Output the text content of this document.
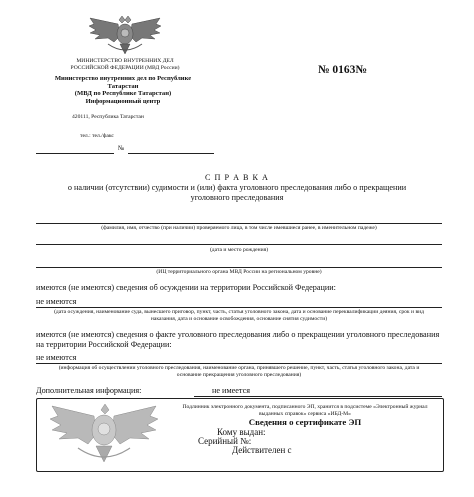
МИНИСТЕРСТВО ВНУТРЕННИХ ДЕЛ
РОССИЙСКОЙ ФЕДЕРАЦИИ (МВД России)
Министерство внутренних дел по Республике
Татарстан
(МВД по Республике Татарстан)
Информационный центр
420111, Республика Татарстан
тел.: тел./факс
№
№ 0163№
С П Р А В К А
о наличии (отсутствии) судимости и (или) факта уголовного преследования либо о прекращении
уголовного преследования
(фамилия, имя, отчество (при наличии) проверяемого лица, в том числе имевшиеся ранее, в именительном падеже)
(дата и место рождения)
(ИЦ территориального органа МВД России на региональном уровне)
имеются (не имеются) сведения об осуждении на территории Российской Федерации:
не имеются
(дата осуждения, наименование суда, вынесшего приговор, пункт, часть, статья уголовного закона, дата и основание переквалификации деяния, срок и вид
наказания, дата и основание освобождения, основание снятия судимости)
имеются (не имеются) сведения о факте уголовного преследования либо о прекращении уголовного преследования
на территории Российской Федерации:
не имеются
(информация об осуществлении уголовного преследования, наименование органа, принявшего решение, пункт, часть, статья уголовного закона, дата и
основание прекращения уголовного преследования)
Дополнительная информация:	не имеется
Подлинник электронного документа, подписанного ЭП, хранится в подсистеме «Электронный журнал
выданных справок» сервиса «ИБД-М»
Сведения о сертификате ЭП
Кому выдан:
Серийный №:
Действителен с
